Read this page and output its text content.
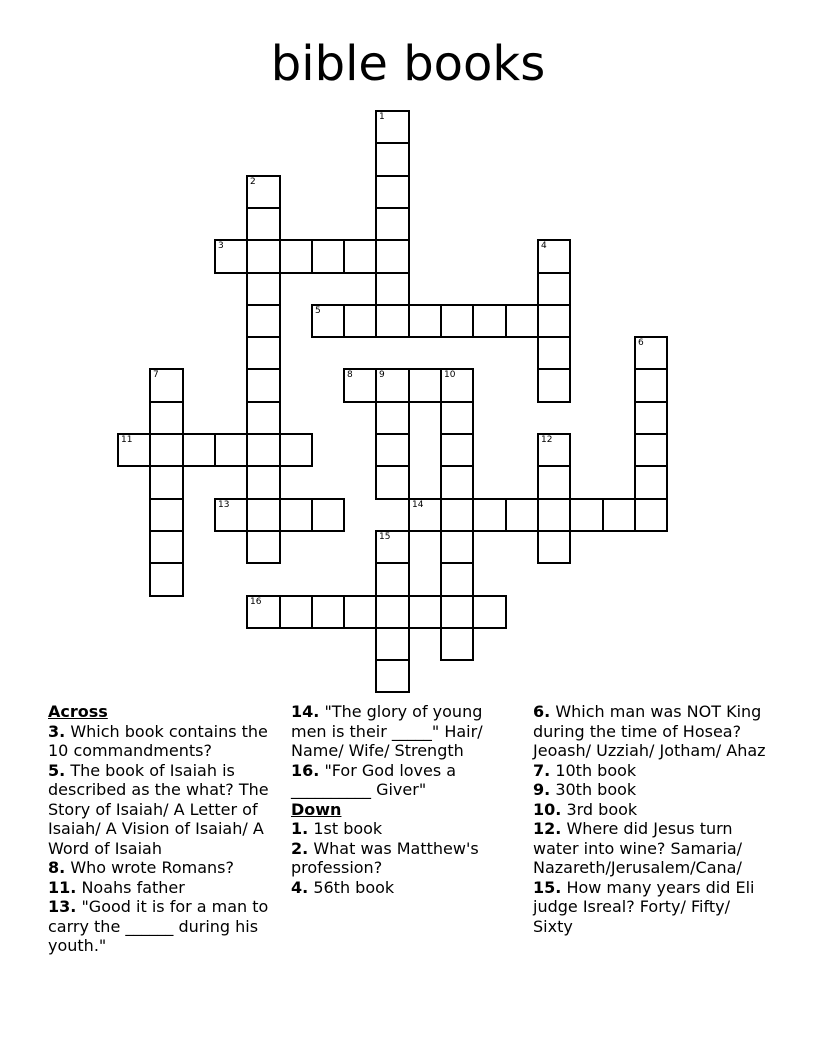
bible books
1
2
3	4
5
6
7	8	9	10
11	12
13	14
15
16

Across

3. Which book contains the 10 commandments?

5. The book of Isaiah is described as the what? The Story of Isaiah/ A Letter of Isaiah/ A Vision of Isaiah/ A Word of Isaiah

8. Who wrote Romans?

11. Noahs father

13. "Good it is for a man to carry the ______ during his youth."

14. "The glory of young men is their _____" Hair/ Name/ Wife/ Strength

16. "For God loves a __________ Giver"

Down

1. 1st book

2. What was Matthew's profession?

4. 56th book

6. Which man was NOT King during the time of Hosea? Jeoash/ Uzziah/ Jotham/ Ahaz

7. 10th book

9. 30th book

10. 3rd book

12. Where did Jesus turn water into wine? Samaria/ Nazareth/Jerusalem/Cana/

15. How many years did Eli judge Isreal? Forty/ Fifty/ Sixty
